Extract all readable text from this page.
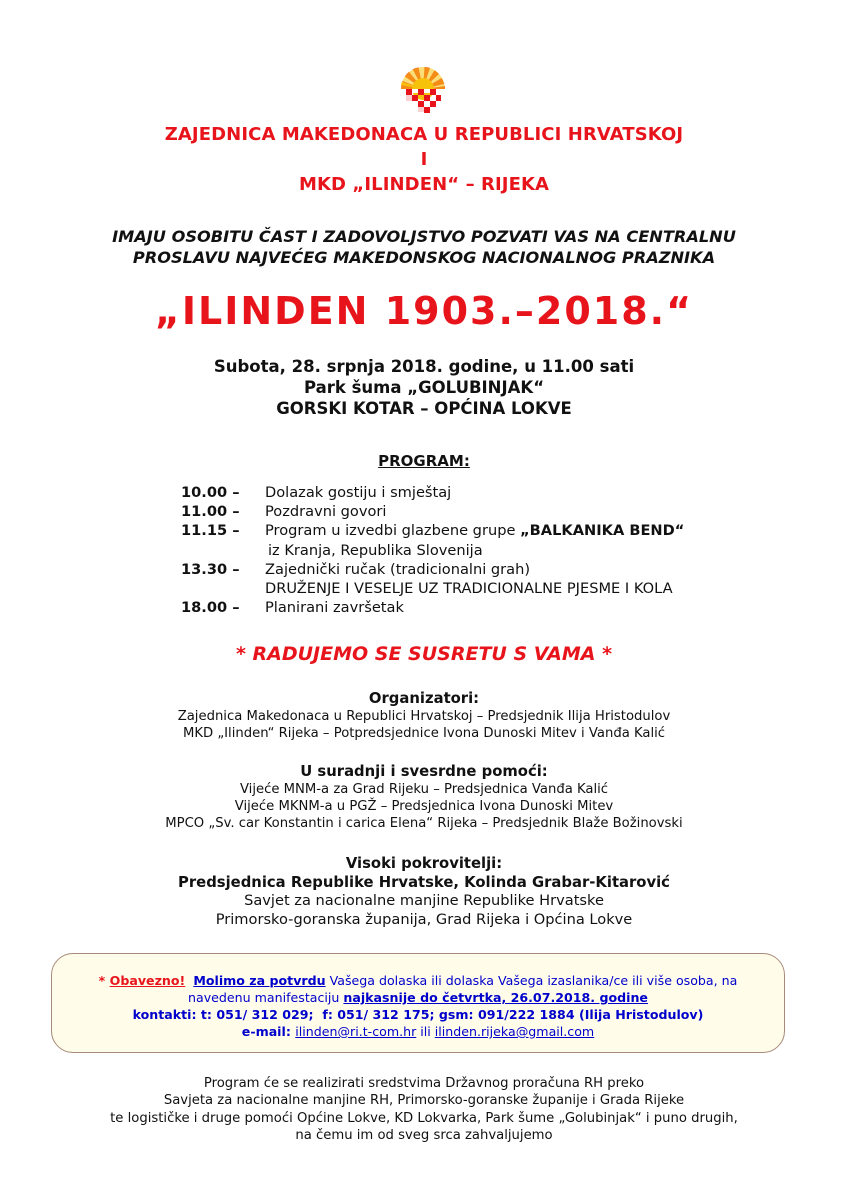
ZAJEDNICA MAKEDONACA U REPUBLICI HRVATSKOJ
I
MKD „ILINDEN“ – RIJEKA
IMAJU OSOBITU ČAST I ZADOVOLJSTVO POZVATI VAS NA CENTRALNU
PROSLAVU NAJVEĆEG MAKEDONSKOG NACIONALNOG PRAZNIKA
„ILINDEN 1903.–2018.“
Subota, 28. srpnja 2018. godine, u 11.00 sati
Park šuma „GOLUBINJAK“
GORSKI KOTAR – OPĆINA LOKVE
PROGRAM:
10.00 –	Dolazak gostiju i smještaj
11.00 –	Pozdravni govori
11.15 –	Program u izvedbi glazbene grupe „BALKANIKA BEND“
iz Kranja, Republika Slovenija
13.30 –	Zajednički ručak (tradicionalni grah)
DRUŽENJE I VESELJE UZ TRADICIONALNE PJESME I KOLA
18.00 –	Planirani završetak
* RADUJEMO SE SUSRETU S VAMA *
Organizatori:
Zajednica Makedonaca u Republici Hrvatskoj – Predsjednik Ilija Hristodulov
MKD „Ilinden“ Rijeka – Potpredsjednice Ivona Dunoski Mitev i Vanđa Kalić
U suradnji i svesrdne pomoći:
Vijeće MNM-a za Grad Rijeku – Predsjednica Vanđa Kalić
Vijeće MKNM-a u PGŽ – Predsjednica Ivona Dunoski Mitev
MPCO „Sv. car Konstantin i carica Elena“ Rijeka – Predsjednik Blaže Božinovski
Visoki pokrovitelji:
Predsjednica Republike Hrvatske, Kolinda Grabar-Kitarović
Savjet za nacionalne manjine Republike Hrvatske
Primorsko-goranska županija, Grad Rijeka i Općina Lokve
* Obavezno! Molimo za potvrdu Vašega dolaska ili dolaska Vašega izaslanika/ce ili više osoba, na
navedenu manifestaciju najkasnije do četvrtka, 26.07.2018. godine
kontakti: t: 051/ 312 029;  f: 051/ 312 175; gsm: 091/222 1884 (Ilija Hristodulov)
e-mail: ilinden@ri.t-com.hr ili ilinden.rijeka@gmail.com
Program će se realizirati sredstvima Državnog proračuna RH preko
Savjeta za nacionalne manjine RH, Primorsko-goranske županije i Grada Rijeke
te logističke i druge pomoći Općine Lokve, KD Lokvarka, Park šume „Golubinjak“ i puno drugih,
na čemu im od sveg srca zahvaljujemo
